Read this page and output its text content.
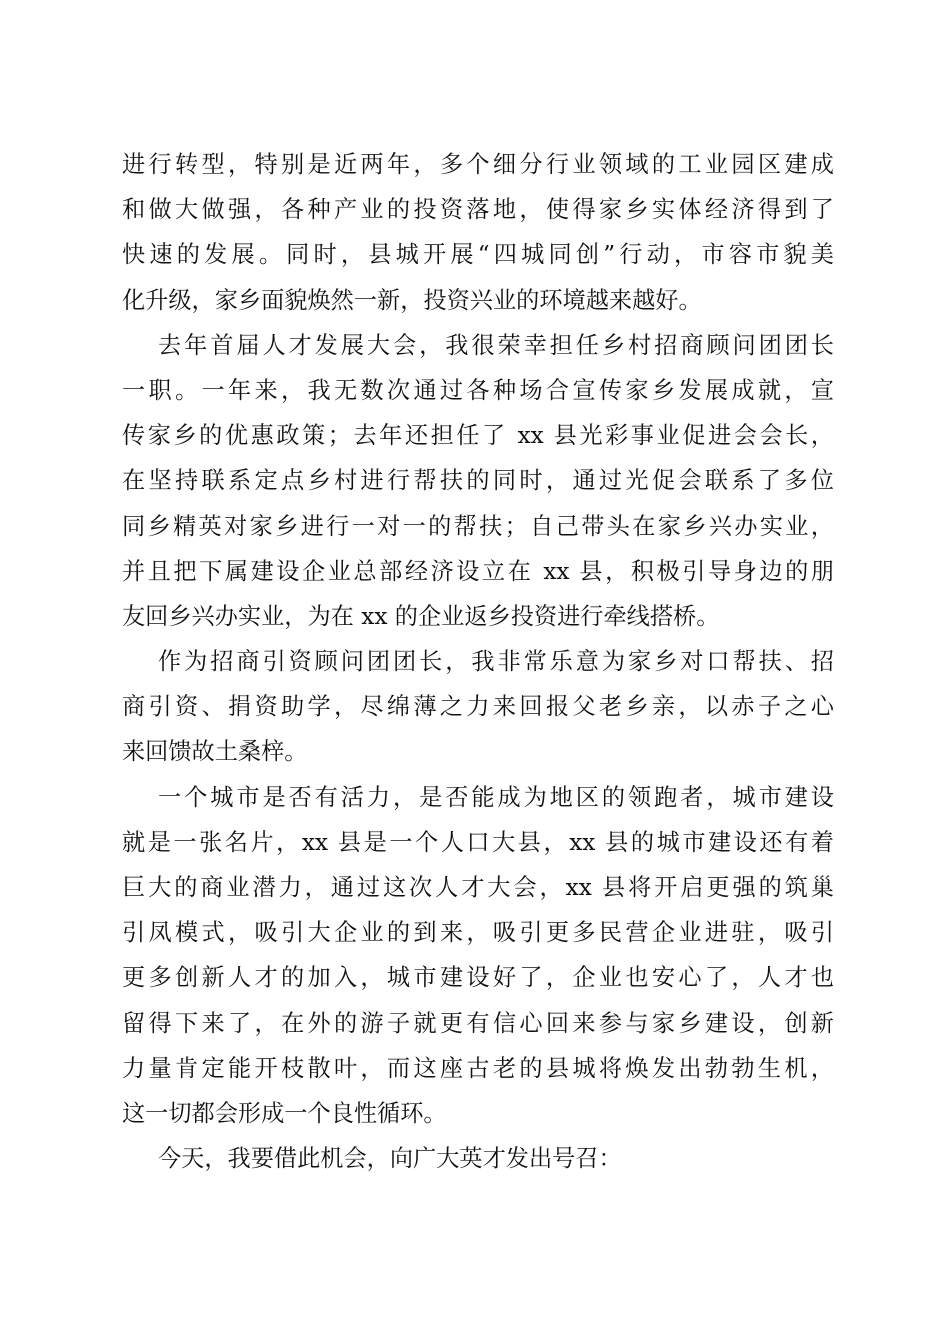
进行转型，特别是近两年，多个细分行业领域的工业园区建成
和做大做强，各种产业的投资落地，使得家乡实体经济得到了
快速的发展。同时，县城开展“四城同创”行动，市容市貌美
化升级，家乡面貌焕然一新，投资兴业的环境越来越好。
去年首届人才发展大会，我很荣幸担任乡村招商顾问团团长
一职。一年来，我无数次通过各种场合宣传家乡发展成就，宣
传家乡的优惠政策；去年还担任了 xx 县光彩事业促进会会长，
在坚持联系定点乡村进行帮扶的同时，通过光促会联系了多位
同乡精英对家乡进行一对一的帮扶；自己带头在家乡兴办实业，
并且把下属建设企业总部经济设立在 xx 县，积极引导身边的朋
友回乡兴办实业，为在 xx 的企业返乡投资进行牵线搭桥。
作为招商引资顾问团团长，我非常乐意为家乡对口帮扶、招
商引资、捐资助学，尽绵薄之力来回报父老乡亲，以赤子之心
来回馈故土桑梓。
一个城市是否有活力，是否能成为地区的领跑者，城市建设
就是一张名片，xx 县是一个人口大县，xx 县的城市建设还有着
巨大的商业潜力，通过这次人才大会，xx 县将开启更强的筑巢
引凤模式，吸引大企业的到来，吸引更多民营企业进驻，吸引
更多创新人才的加入，城市建设好了，企业也安心了，人才也
留得下来了，在外的游子就更有信心回来参与家乡建设，创新
力量肯定能开枝散叶，而这座古老的县城将焕发出勃勃生机，
这一切都会形成一个良性循环。
今天，我要借此机会，向广大英才发出号召：
